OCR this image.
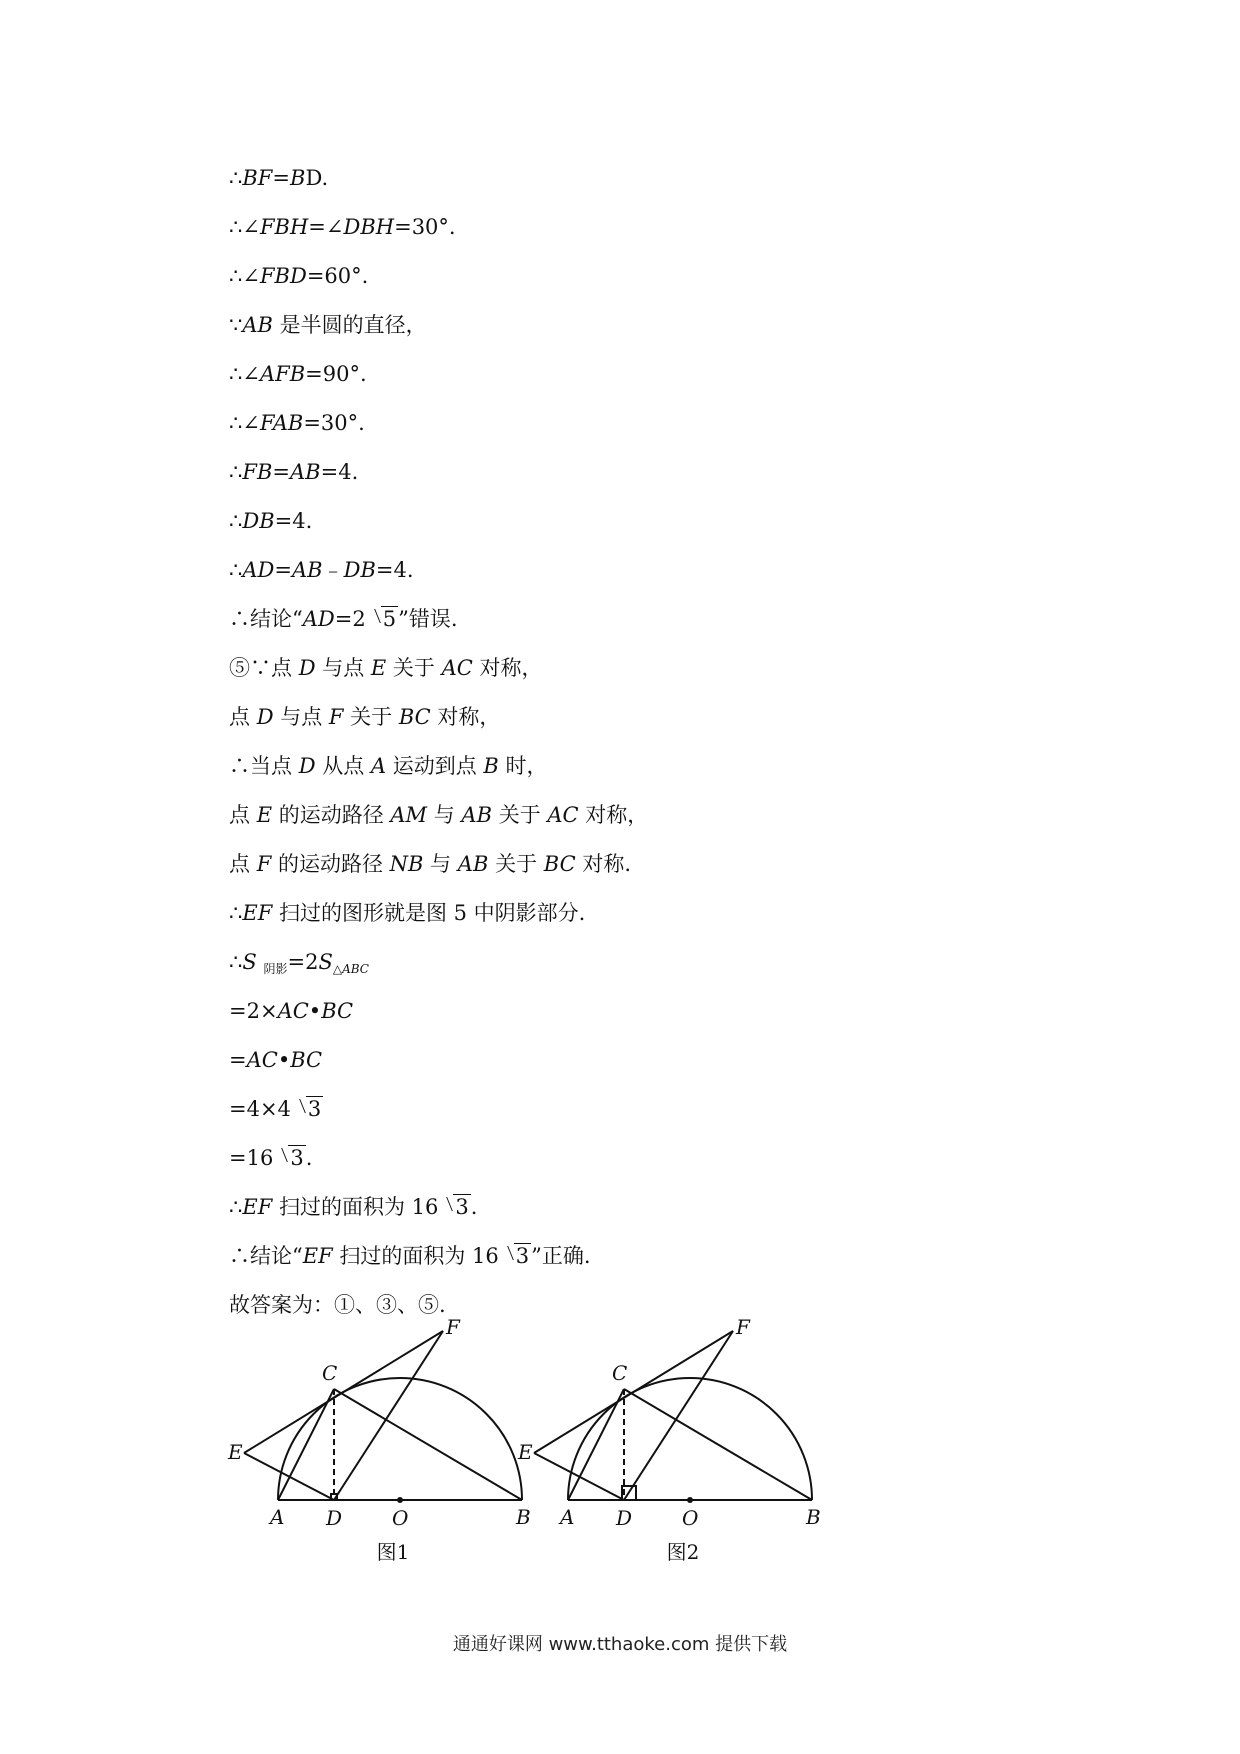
∴BF=BD.
∴∠FBH=∠DBH=30°.
∴∠FBD=60°.
∵AB 是半圆的直径，
∴∠AFB=90°.
∴∠FAB=30°.
∴FB=AB=4.
∴DB=4.
∴AD=AB﹣DB=4.
∴结论“AD=2 5”错误.
⑤∵点 D 与点 E 关于 AC 对称，
点 D 与点 F 关于 BC 对称，
∴当点 D 从点 A 运动到点 B 时，
点 E 的运动路径 AM 与 AB 关于 AC 对称，
点 F 的运动路径 NB 与 AB 关于 BC 对称.
∴EF 扫过的图形就是图 5 中阴影部分.
∴S $_{阴影}=2S_{\triangle ABC}$
=2×AC•BC
=AC•BC
=4×4 3
=16 3.
∴EF 扫过的面积为 16 3.
∴结论“EF 扫过的面积为 16 3”正确.
故答案为：①、③、⑤.
A	B
C
D
E
F
O	A	B
C
D
E
F
O
图1	图2
通通好课网 www.tthaoke.com 提供下载
